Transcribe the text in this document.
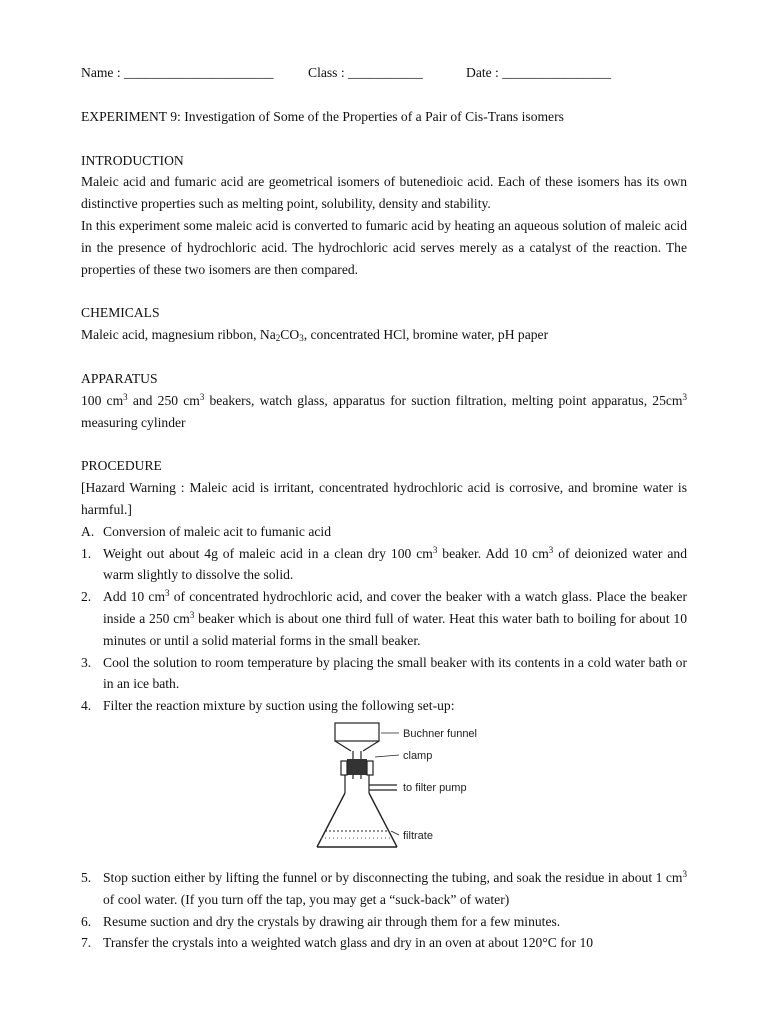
Name : ______________________	Class : ___________	Date : ________________

EXPERIMENT 9: Investigation of Some of the Properties of a Pair of Cis-Trans isomers

INTRODUCTION

Maleic acid and fumaric acid are geometrical isomers of butenedioic acid. Each of these isomers has its own distinctive properties such as melting point, solubility, density and stability.

In this experiment some maleic acid is converted to fumaric acid by heating an aqueous solution of maleic acid in the presence of hydrochloric acid. The hydrochloric acid serves merely as a catalyst of the reaction. The properties of these two isomers are then compared.

CHEMICALS

Maleic acid, magnesium ribbon, $Na_2CO_3$, concentrated HCl, bromine water, pH paper

APPARATUS

100 $cm^3$ and 250 $cm^3$ beakers, watch glass, apparatus for suction filtration, melting point apparatus, $25cm^3$ measuring cylinder

PROCEDURE

[Hazard Warning : Maleic acid is irritant, concentrated hydrochloric acid is corrosive, and bromine water is harmful.]

A. Conversion of maleic acit to fumanic acid
1. Weight out about 4g of maleic acid in a clean dry 100 $cm^3$ beaker. Add 10 $cm^3$ of deionized water and warm slightly to dissolve the solid.
2. Add 10 $cm^3$ of concentrated hydrochloric acid, and cover the beaker with a watch glass. Place the beaker inside a 250 $cm^3$ beaker which is about one third full of water. Heat this water bath to boiling for about 10 minutes or until a solid material forms in the small beaker.
3. Cool the solution to room temperature by placing the small beaker with its contents in a cold water bath or in an ice bath.
4. Filter the reaction mixture by suction using the following set-up:
Buchner funnel
clamp
to filter pump
filtrate
5. Stop suction either by lifting the funnel or by disconnecting the tubing, and soak the residue in about 1 $cm^3$ of cool water. (If you turn off the tap, you may get a “suck-back” of water)
6. Resume suction and dry the crystals by drawing air through them for a few minutes.
7. Transfer the crystals into a weighted watch glass and dry in an oven at about 120°C for 10
